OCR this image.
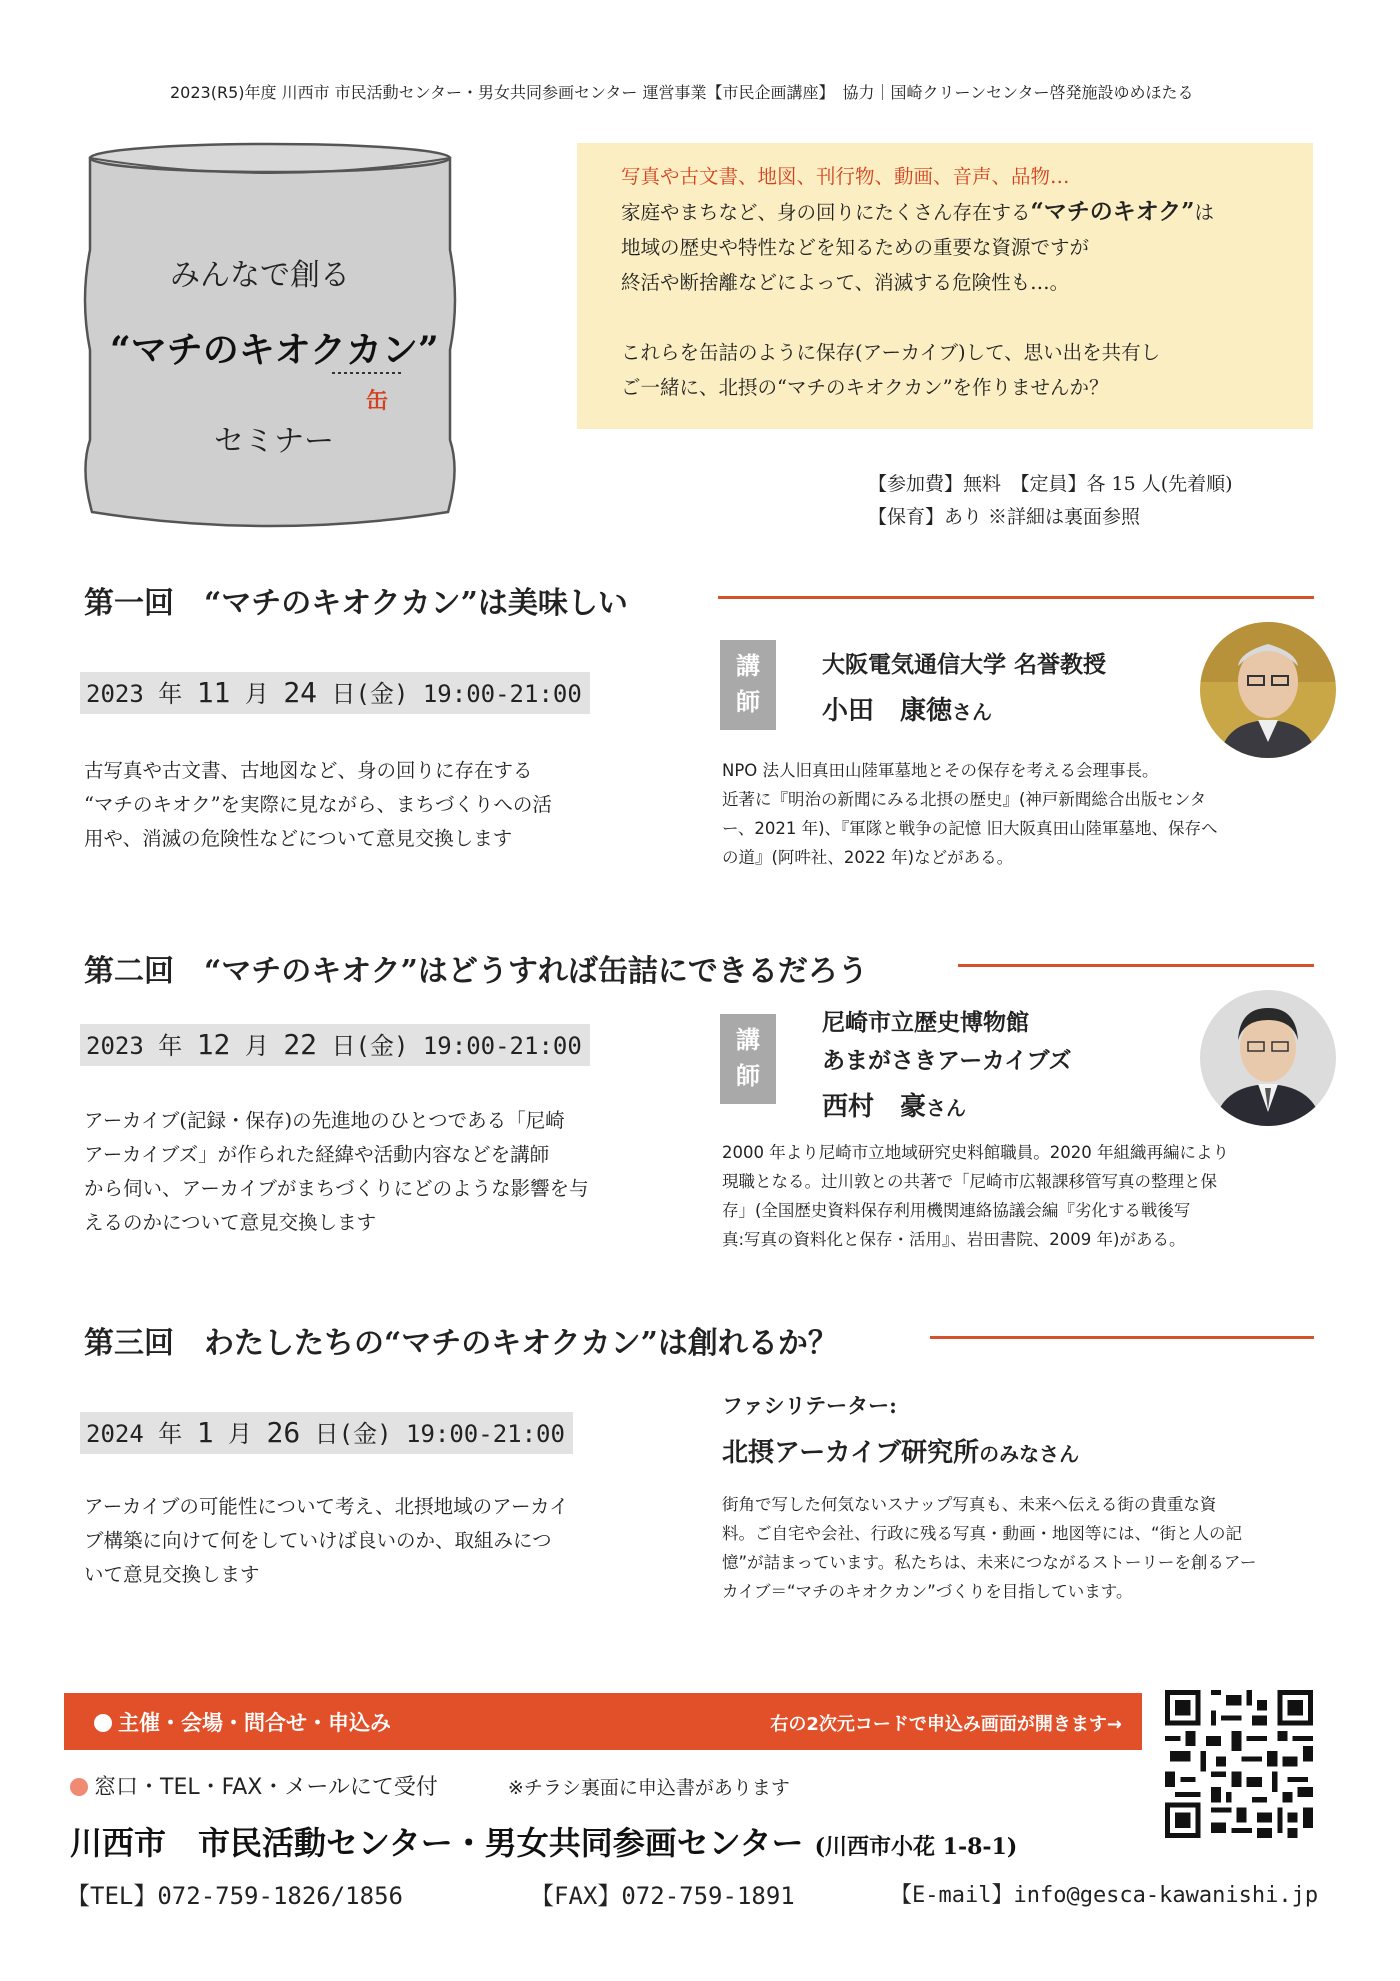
2023(R5)年度 川西市 市民活動センター・男女共同参画センター 運営事業【市民企画講座】　協力｜国崎クリーンセンター啓発施設ゆめほたる
みんなで創る
“マチのキオクカン”
缶
セミナー

写真や古文書、地図、刊行物、動画、音声、品物…

家庭やまちなど、身の回りにたくさん存在する“マチのキオク”は

地域の歴史や特性などを知るための重要な資源ですが

終活や断捨離などによって、消滅する危険性も…。

これらを缶詰のように保存(アーカイブ)して、思い出を共有し

ご一緒に、北摂の“マチのキオクカン”を作りませんか？

【参加費】無料　【定員】各 15 人(先着順)
【保育】あり ※詳細は裏面参照
第一回　“マチのキオクカン”は美味しい
2023 年 11 月 24 日(金) 19:00-21:00
古写真や古文書、古地図など、身の回りに存在する
“マチのキオク”を実際に見ながら、まちづくりへの活
用や、消滅の危険性などについて意見交換します
講師
大阪電気通信大学 名誉教授
小田　康徳さん
NPO 法人旧真田山陸軍墓地とその保存を考える会理事長。
近著に『明治の新聞にみる北摂の歴史』(神戸新聞総合出版センタ
ー、2021 年)、『軍隊と戦争の記憶 旧大阪真田山陸軍墓地、保存へ
の道』(阿吽社、2022 年)などがある。
第二回　“マチのキオク”はどうすれば缶詰にできるだろう
2023 年 12 月 22 日(金) 19:00-21:00
アーカイブ(記録・保存)の先進地のひとつである「尼崎
アーカイブズ」が作られた経緯や活動内容などを講師
から伺い、アーカイブがまちづくりにどのような影響を与
えるのかについて意見交換します
講師
尼崎市立歴史博物館
あまがさきアーカイブズ
西村　豪さん
2000 年より尼崎市立地域研究史料館職員。2020 年組織再編により
現職となる。辻川敦との共著で「尼崎市広報課移管写真の整理と保
存」(全国歴史資料保存利用機関連絡協議会編『劣化する戦後写
真:写真の資料化と保存・活用』、岩田書院、2009 年)がある。
第三回　わたしたちの“マチのキオクカン”は創れるか？
2024 年 1 月 26 日(金) 19:00-21:00
アーカイブの可能性について考え、北摂地域のアーカイ
ブ構築に向けて何をしていけば良いのか、取組みにつ
いて意見交換します
ファシリテーター:
北摂アーカイブ研究所のみなさん
街角で写した何気ないスナップ写真も、未来へ伝える街の貴重な資
料。ご自宅や会社、行政に残る写真・動画・地図等には、“街と人の記
憶”が詰まっています。私たちは、未来につながるストーリーを創るアー
カイブ＝“マチのキオクカン”づくりを目指しています。
主催・会場・問合せ・申込み	右の2次元コードで申込み画面が開きます→
窓口・TEL・FAX・メールにて受付	※チラシ裏面に申込書があります
川西市　市民活動センター・男女共同参画センター (川西市小花 1-8-1)
【TEL】072-759-1826/1856	【FAX】072-759-1891	【E-mail】info@gesca-kawanishi.jp
